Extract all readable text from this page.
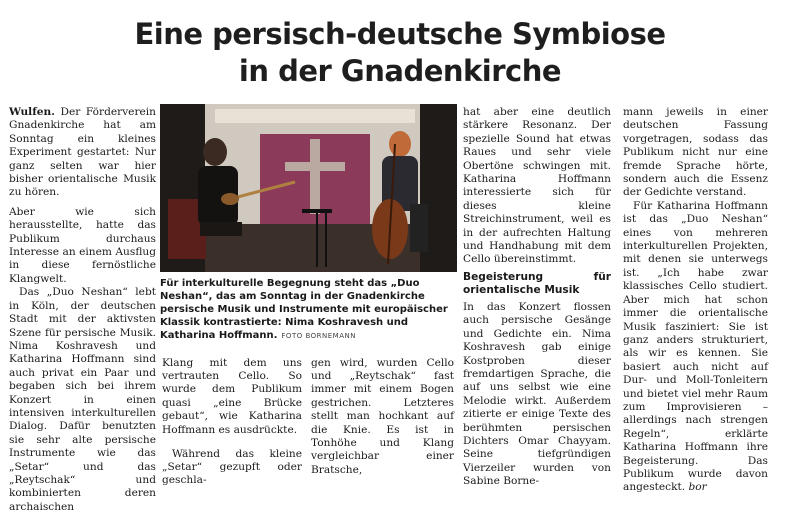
Eine persisch-deutsche Symbiose
in der Gnadenkirche

Wulfen. Der Förderverein Gnadenkirche hat am Sonntag ein kleines Experiment gestartet: Nur ganz selten war hier bisher orientalische Musik zu hören.

Aber wie sich herausstellte, hatte das Publikum durchaus Interesse an einem Ausflug in diese fernöstliche Klangwelt.

Das „Duo Neshan“ lebt in Köln, der deutschen Stadt mit der aktivsten Szene für persische Musik. Nima Koshravesh und Katharina Hoffmann sind auch privat ein Paar und begaben sich bei ihrem Konzert in einen intensiven interkulturellen Dialog. Dafür benutzten sie sehr alte persische Instrumente wie das „Setar“ und das „Reytschak“ und kombinierten deren archaischen

Für interkulturelle Begegnung steht das „Duo Neshan“, das am Sonntag in der Gnadenkirche persische Musik und Instrumente mit europäischer Klassik kontrastierte: Nima Koshravesh und Katharina Hoffmann. FOTO BORNEMANN

Klang mit dem uns vertrauten Cello. So wurde dem Publikum quasi „eine Brücke gebaut“, wie Katharina Hoffmann es ausdrückte.

Während das kleine „Setar“ gezupft oder geschla-

gen wird, wurden Cello und „Reytschak“ fast immer mit einem Bogen gestrichen. Letzteres stellt man hochkant auf die Knie. Es ist in Tonhöhe und Klang vergleichbar einer Bratsche,

hat aber eine deutlich stärkere Resonanz. Der spezielle Sound hat etwas Raues und sehr viele Obertöne schwingen mit. Katharina Hoffmann interessierte sich für dieses kleine Streichinstrument, weil es in der aufrechten Haltung und Handhabung mit dem Cello übereinstimmt.

Begeisterung für orientalische Musik

In das Konzert flossen auch persische Gesänge und Gedichte ein. Nima Koshravesh gab einige Kostproben dieser fremdartigen Sprache, die auf uns selbst wie eine Melodie wirkt. Außerdem zitierte er einige Texte des berühmten persischen Dichters Omar Chayyam. Seine tiefgründigen Vierzeiler wurden von Sabine Borne-

mann jeweils in einer deutschen Fassung vorgetragen, sodass das Publikum nicht nur eine fremde Sprache hörte, sondern auch die Essenz der Gedichte verstand.

Für Katharina Hoffmann ist das „Duo Neshan“ eines von mehreren interkulturellen Projekten, mit denen sie unterwegs ist. „Ich habe zwar klassisches Cello studiert. Aber mich hat schon immer die orientalische Musik fasziniert: Sie ist ganz anders strukturiert, als wir es kennen. Sie basiert auch nicht auf Dur- und Moll-Tonleitern und bietet viel mehr Raum zum Improvisieren – allerdings nach strengen Regeln“, erklärte Katharina Hoffmann ihre Begeisterung. Das Publikum wurde davon angesteckt. bor
